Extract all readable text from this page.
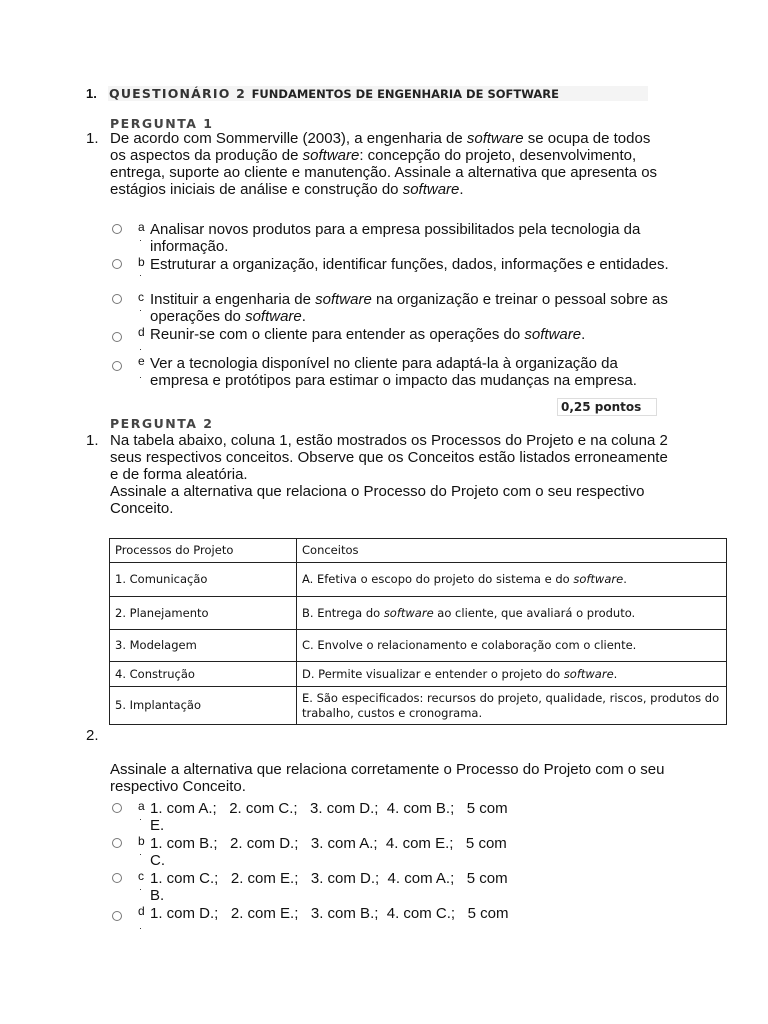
1. QUESTIONÁRIO 2 FUNDAMENTOS DE ENGENHARIA DE SOFTWARE
PERGUNTA 1
1. De acordo com Sommerville (2003), a engenharia de software se ocupa de todos os aspectos da produção de software: concepção do projeto, desenvolvimento, entrega, suporte ao cliente e manutenção. Assinale a alternativa que apresenta os estágios iniciais de análise e construção do software.
a
·
Analisar novos produtos para a empresa possibilitados pela tecnologia da informação.
b
·
Estruturar a organização, identificar funções, dados, informações e entidades.
c
·
Instituir a engenharia de software na organização e treinar o pessoal sobre as operações do software.
d
·
Reunir-se com o cliente para entender as operações do software.
e
·
Ver a tecnologia disponível no cliente para adaptá-la à organização da empresa e protótipos para estimar o impacto das mudanças na empresa.
0,25 pontos
PERGUNTA 2
1. Na tabela abaixo, coluna 1, estão mostrados os Processos do Projeto e na coluna 2 seus respectivos conceitos. Observe que os Conceitos estão listados erroneamente e de forma aleatória.
Assinale a alternativa que relaciona o Processo do Projeto com o seu respectivo Conceito.
Processos do Projeto	Conceitos
1. Comunicação	A. Efetiva o escopo do projeto do sistema e do software.
2. Planejamento	B. Entrega do software ao cliente, que avaliará o produto.
3. Modelagem	C. Envolve o relacionamento e colaboração com o cliente.
4. Construção	D. Permite visualizar e entender o projeto do software.
5. Implantação	E. São especificados: recursos do projeto, qualidade, riscos, produtos do trabalho, custos e cronograma.
2.
Assinale a alternativa que relaciona corretamente o Processo do Projeto com o seu respectivo Conceito.
a
·
1. com A.;   2. com C.;   3. com D.;  4. com B.;   5 com
E.
b
·
1. com B.;   2. com D.;   3. com A.;  4. com E.;   5 com
C.
c
·
1. com C.;   2. com E.;   3. com D.;  4. com A.;   5 com
B.
d
·
1. com D.;   2. com E.;   3. com B.;  4. com C.;   5 com
